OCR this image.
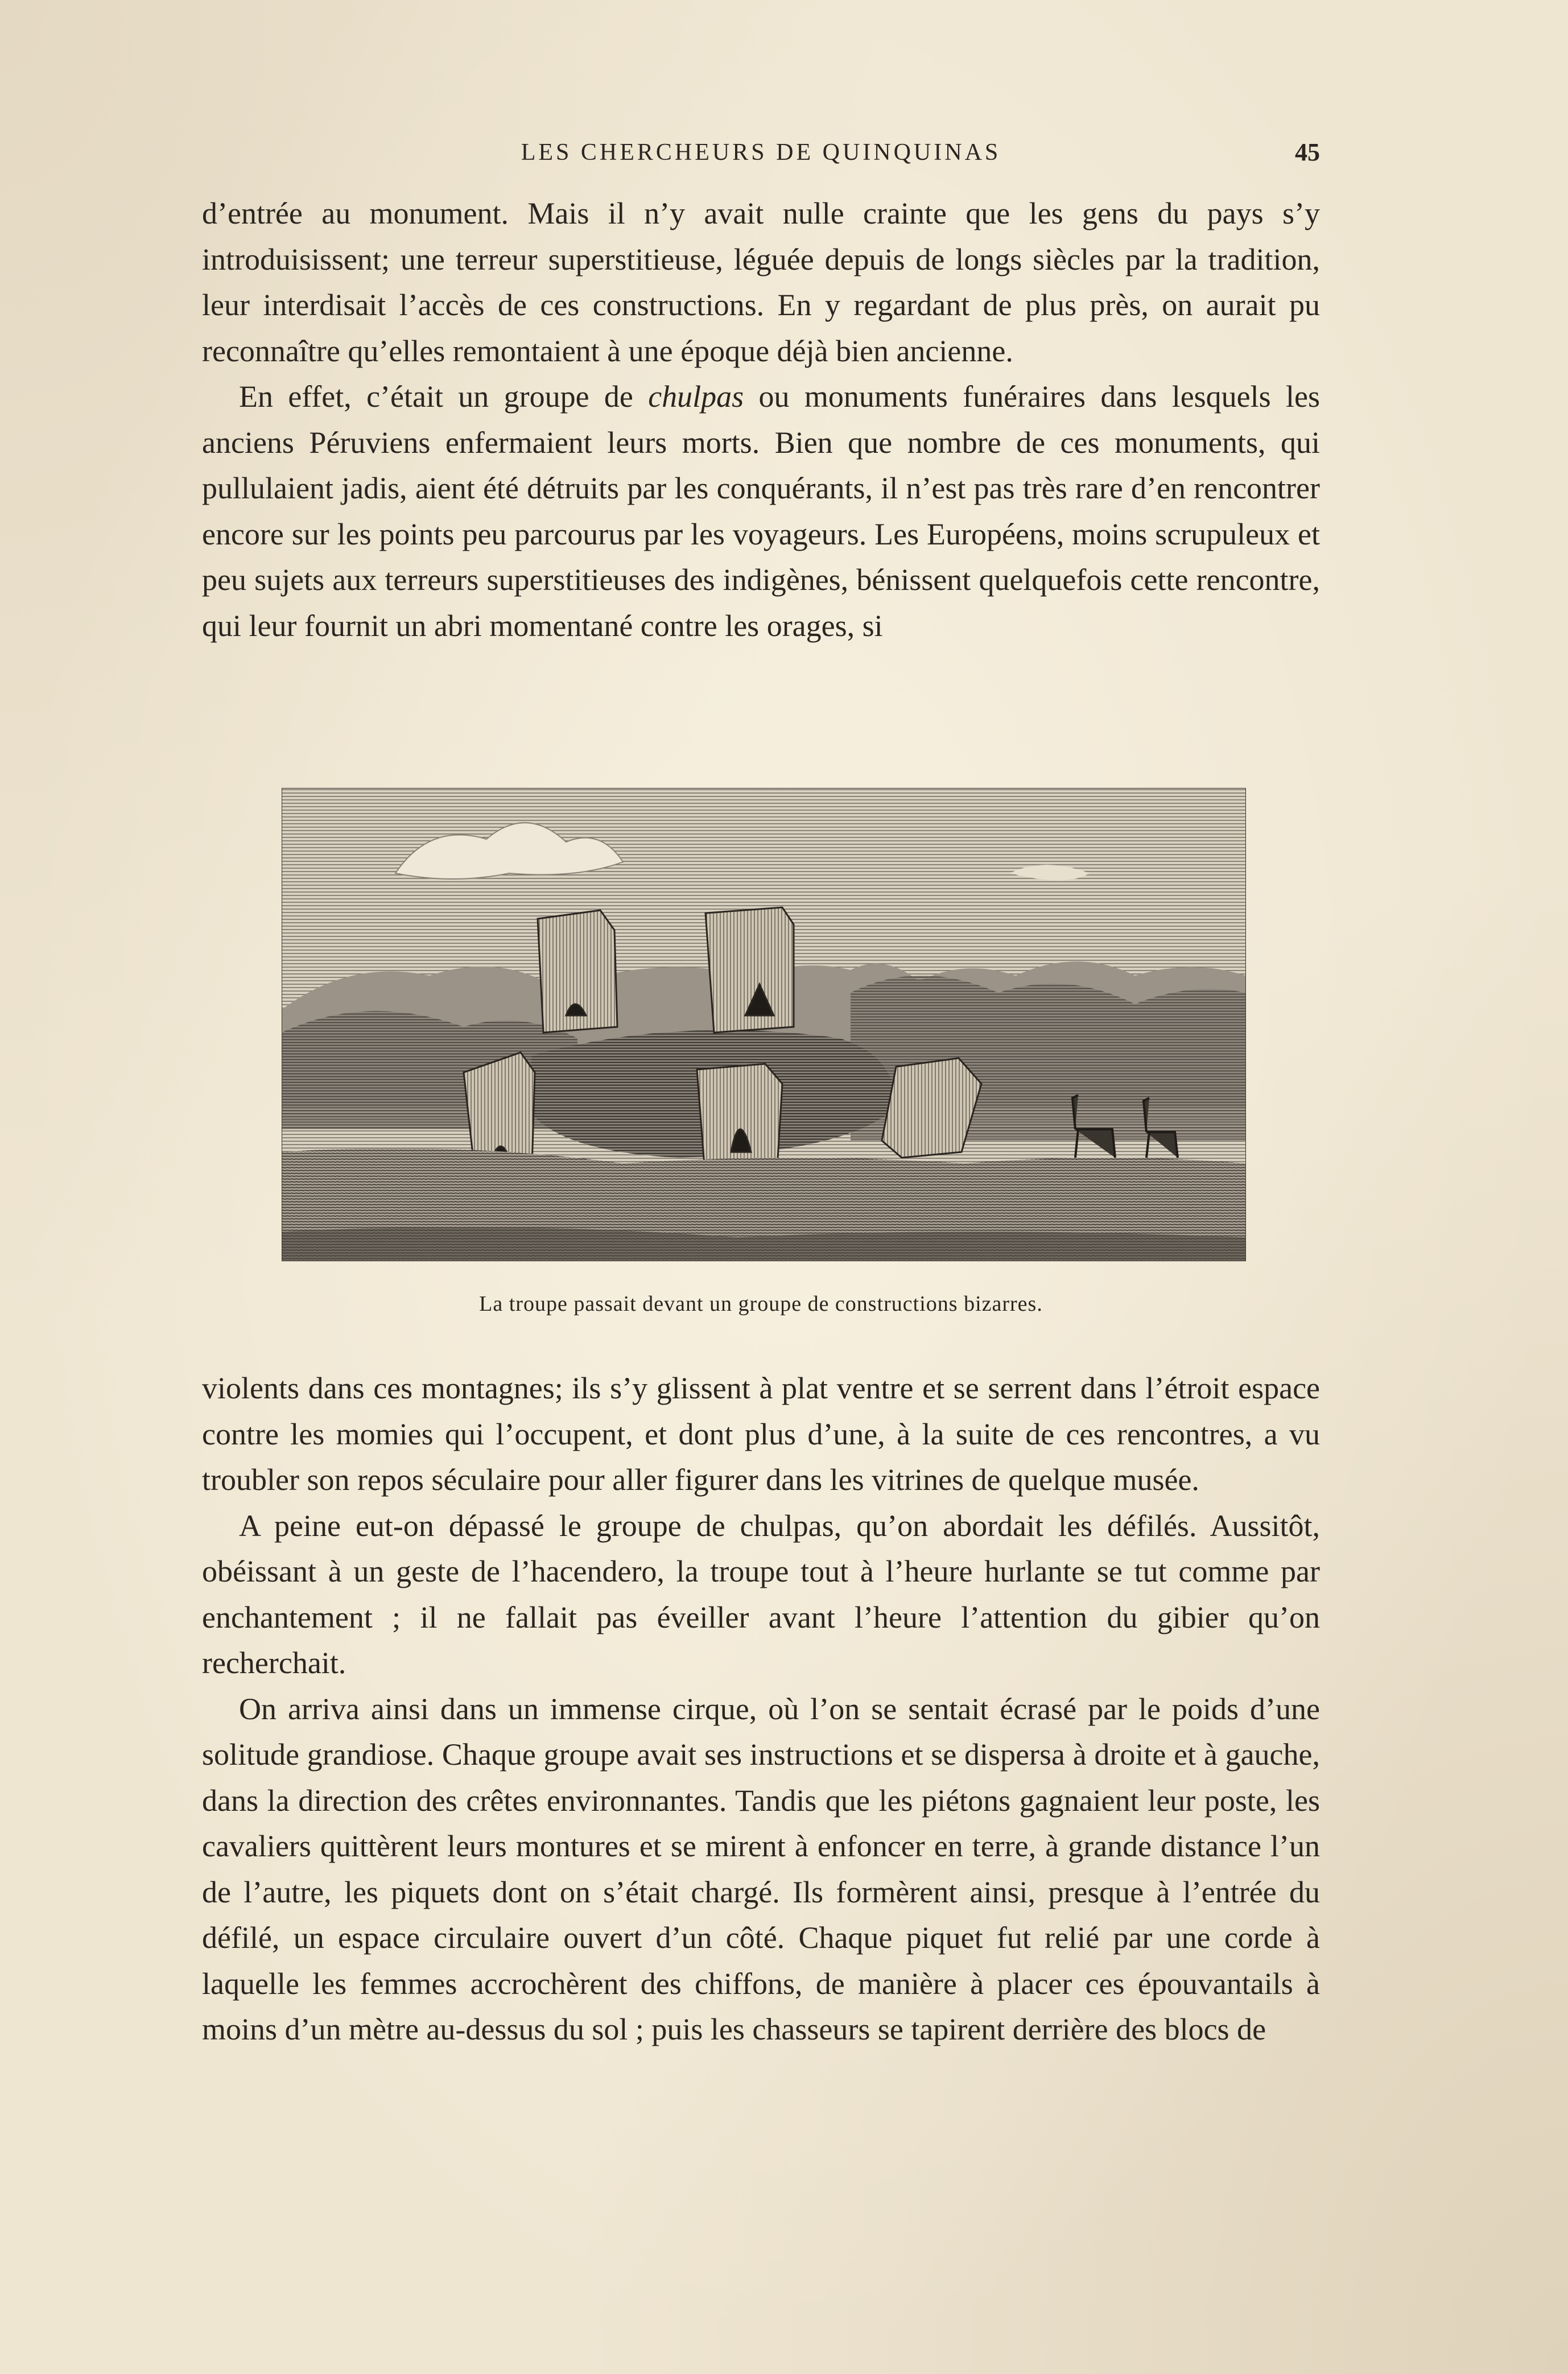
LES CHERCHEURS DE QUINQUINAS	45

d’entrée au monument. Mais il n’y avait nulle crainte que les gens du pays s’y introduisissent; une terreur superstitieuse, léguée depuis de longs siècles par la tradition, leur interdisait l’accès de ces constructions. En y regardant de plus près, on aurait pu reconnaître qu’elles remontaient à une époque déjà bien ancienne.

En effet, c’était un groupe de chulpas ou monuments funéraires dans lesquels les anciens Péruviens enfermaient leurs morts. Bien que nombre de ces monuments, qui pullulaient jadis, aient été détruits par les conquérants, il n’est pas très rare d’en rencontrer encore sur les points peu parcourus par les voyageurs. Les Européens, moins scrupuleux et peu sujets aux terreurs superstitieuses des indigènes, bénissent quelquefois cette rencontre, qui leur fournit un abri momentané contre les orages, si

La troupe passait devant un groupe de constructions bizarres.

violents dans ces montagnes; ils s’y glissent à plat ventre et se serrent dans l’étroit espace contre les momies qui l’occupent, et dont plus d’une, à la suite de ces rencontres, a vu troubler son repos séculaire pour aller figurer dans les vitrines de quelque musée.

A peine eut-on dépassé le groupe de chulpas, qu’on abordait les défilés. Aussitôt, obéissant à un geste de l’hacendero, la troupe tout à l’heure hurlante se tut comme par enchantement ; il ne fallait pas éveiller avant l’heure l’attention du gibier qu’on recherchait.

On arriva ainsi dans un immense cirque, où l’on se sentait écrasé par le poids d’une solitude grandiose. Chaque groupe avait ses instructions et se dispersa à droite et à gauche, dans la direction des crêtes environnantes. Tandis que les piétons gagnaient leur poste, les cavaliers quittèrent leurs montures et se mirent à enfoncer en terre, à grande distance l’un de l’autre, les piquets dont on s’était chargé. Ils formèrent ainsi, presque à l’entrée du défilé, un espace circulaire ouvert d’un côté. Chaque piquet fut relié par une corde à laquelle les femmes accrochèrent des chiffons, de manière à placer ces épouvantails à moins d’un mètre au-dessus du sol ; puis les chasseurs se tapirent derrière des blocs de
